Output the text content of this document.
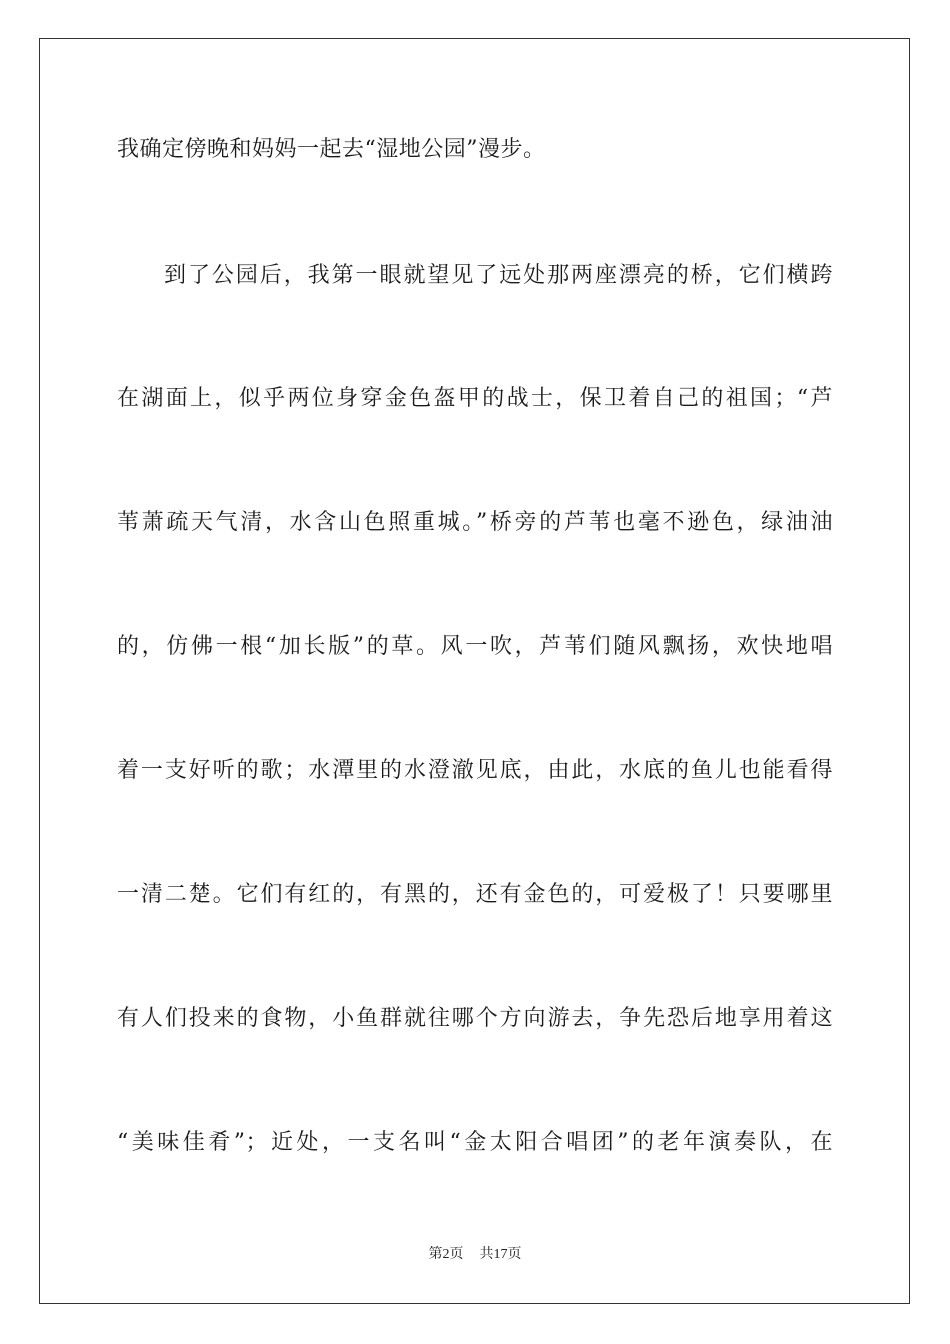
我确定傍晚和妈妈一起去“湿地公园”漫步。
到了公园后，我第一眼就望见了远处那两座漂亮的桥，它们横跨
在湖面上，似乎两位身穿金色盔甲的战士，保卫着自己的祖国；“芦
苇萧疏天气清，水含山色照重城。”桥旁的芦苇也毫不逊色，绿油油
的，仿佛一根“加长版”的草。风一吹，芦苇们随风飘扬，欢快地唱
着一支好听的歌；水潭里的水澄澈见底，由此，水底的鱼儿也能看得
一清二楚。它们有红的，有黑的，还有金色的，可爱极了！只要哪里
有人们投来的食物，小鱼群就往哪个方向游去，争先恐后地享用着这
“美味佳肴”；近处，一支名叫“金太阳合唱团”的老年演奏队，在
第2页 共17页
